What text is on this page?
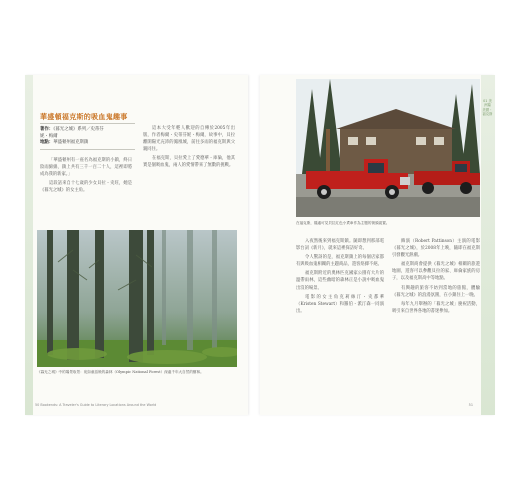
華盛頓福克斯的吸血鬼趣事
著作：《暮光之城》系列／史蒂芬妮・梅爾
地點：華盛頓州福克斯鎮

「華盛頓州有一座名為福克斯的小鎮，終日陰雨綿綿，鎮上共有三千一百二十人，這裡即將成為我的新家。」

這段話來自十七歲的少女貝拉・史旺，她是《暮光之城》的女主角。

這本大受年輕人歡迎的自傳於2005年出版，作者梅爾・史蒂芬妮・梅爾，故事中，貝拉離開陽光充沛的鳳凰城，前往多雨的福克斯與父親同住。

在福克斯，貝拉愛上了愛德華・庫倫，他其實是個吸血鬼，兩人的愛情帶來了無數的挑戰。

《暮光之城》中的場景取景：宛如童話般的森林（Olympic National Forest）深處千年大自然的樹林。
50 Bookends: A Traveler's Guide to Literary Locations Around the World
01 美洲篇 美國・福克斯
在福克斯，隨處可見貝拉紅色小貨車作為主題的街頭裝置。

入夜然後來到福克斯鎮。隨即想到那部電影台詞《新月》，就來這裡探訪好奇。

令人驚訝的是，福克斯鎮上的每個店家都有與吸血鬼相關的主題商品，遊客絡繹不絕。

福克斯附近的奧林匹克國家公園有大片的溫帶雨林，這些幽暗的森林正是小說中吸血鬼出沒的場景。

電影的女主角克莉絲汀・史都華（Kristen Stewart）和羅伯・派汀森一同演出。

飾演（Robert Pattinson）主演的電影《暮光之城》，於2008年上映，隨即在福克斯引發觀光熱潮。

福克斯商會提供《暮光之城》相關的旅遊地圖，遊客可以參觀貝拉的家、庫倫家族的房子，以及福克斯高中等地點。

有興趣的旅客不妨到當地的旅館，體驗《暮光之城》的浪漫氛圍，在小鎮住上一晚。

每年九月舉辦的「暮光之城」慶祝活動，吸引來自世界各地的書迷參加。

51
